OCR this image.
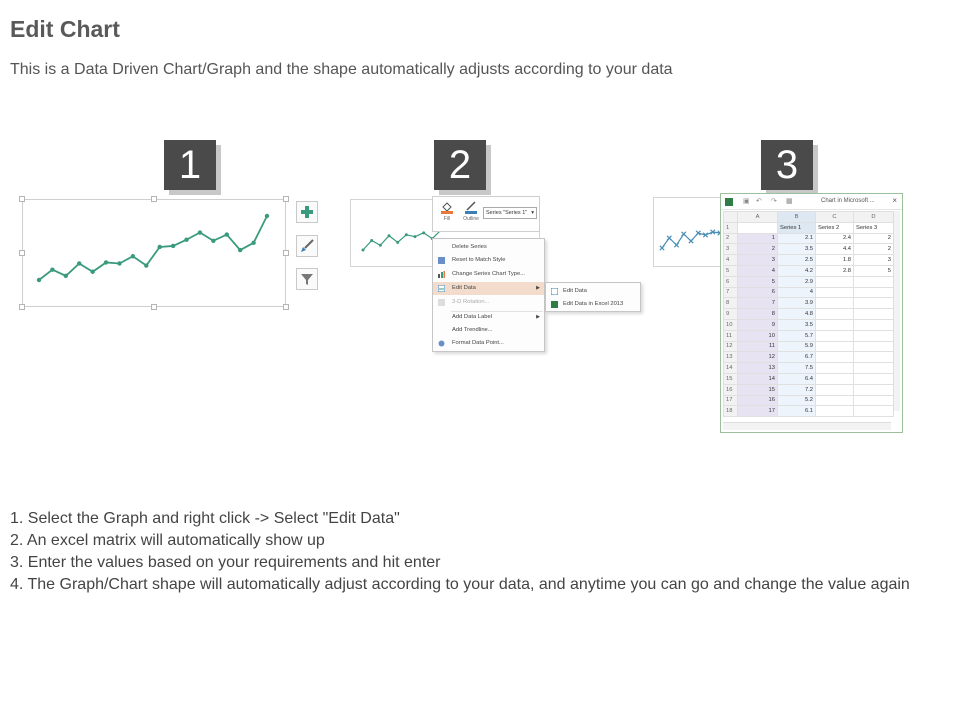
Edit Chart
This is a Data Driven Chart/Graph and the shape automatically adjusts according to your data
1	2	3
Fill	Outline
Series "Series 1" ▾
Delete Series
Reset to Match Style
Change Series Chart Type...
Edit Data	▶
3-D Rotation...
Add Data Label	▶
Add Trendline...
Format Data Point...
Edit Data
Edit Data in Excel 2013
▣ ↶ ↷ ▦	Chart in Microsoft ... ×
	A	B	C	D
1		Series 1	Series 2	Series 3
2	1	2.1	2.4	2
3	2	3.5	4.4	2
4	3	2.5	1.8	3
5	4	4.2	2.8	5
6	5	2.9		
7	6	4		
8	7	3.9		
9	8	4.8		
10	9	3.5		
11	10	5.7		
12	11	5.9		
13	12	6.7		
14	13	7.5		
15	14	6.4		
16	15	7.2		
17	16	5.2		
18	17	6.1		
1. Select the Graph and right click -> Select "Edit Data"
2. An excel matrix will automatically show up
3. Enter the values based on your requirements and hit enter
4. The Graph/Chart shape will automatically adjust according to your data, and anytime you can go and change the value again
